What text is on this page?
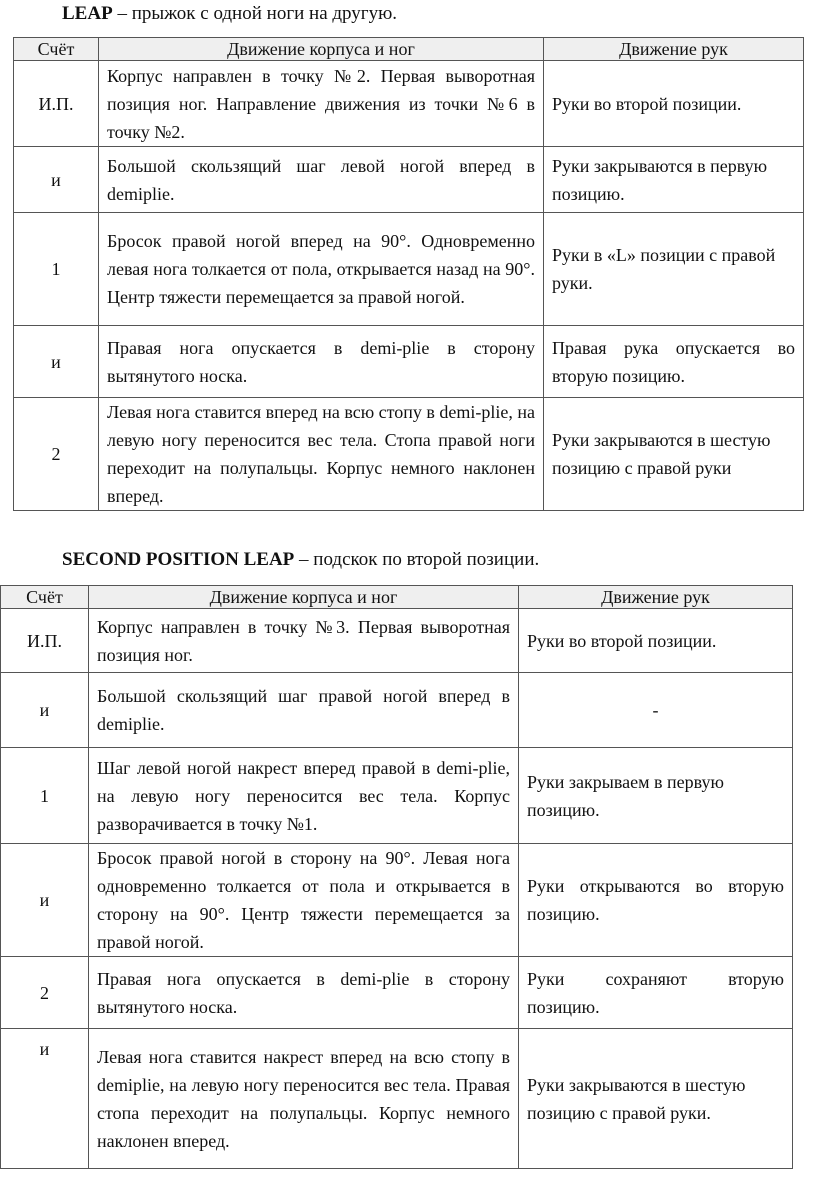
LEAP – прыжок с одной ноги на другую.
Счёт	Движение корпуса и ног	Движение рук
И.П.	Корпус направлен в точку №2. Первая выворотная позиция ног. Направление движения из точки №6 в точку №2.	Руки во второй позиции.
и	Большой скользящий шаг левой ногой вперед в demiplie.	Руки закрываются в первую позицию.
1	Бросок правой ногой вперед на 90°. Одновременно левая нога толкается от пола, открывается назад на 90°. Центр тяжести перемещается за правой ногой.	Руки в «L» позиции с правой руки.
и	Правая нога опускается в demi-plie в сторону вытянутого носка.	Правая рука опускается во вторую позицию.
2	Левая нога ставится вперед на всю стопу в demi-plie, на левую ногу переносится вес тела. Стопа правой ноги переходит на полупальцы. Корпус немного наклонен вперед.	Руки закрываются в шестую позицию с правой руки
SECOND POSITION LEAP – подскок по второй позиции.
Счёт	Движение корпуса и ног	Движение рук
И.П.	Корпус направлен в точку №3. Первая выворотная позиция ног.	Руки во второй позиции.
и	Большой скользящий шаг правой ногой вперед в demiplie.	-
1	Шаг левой ногой накрест вперед правой в demi-plie, на левую ногу переносится вес тела. Корпус разворачивается в точку №1.	Руки закрываем в первую позицию.
и	Бросок правой ногой в сторону на 90°. Левая нога одновременно толкается от пола и открывается в сторону на 90°. Центр тяжести перемещается за правой ногой.	Руки открываются во вторую позицию.
2	Правая нога опускается в demi-plie в сторону вытянутого носка.	Руки сохраняют вторую позицию.
и	Левая нога ставится накрест вперед на всю стопу в demiplie, на левую ногу переносится вес тела. Правая стопа переходит на полупальцы. Корпус немного наклонен вперед.	Руки закрываются в шестую позицию с правой руки.
